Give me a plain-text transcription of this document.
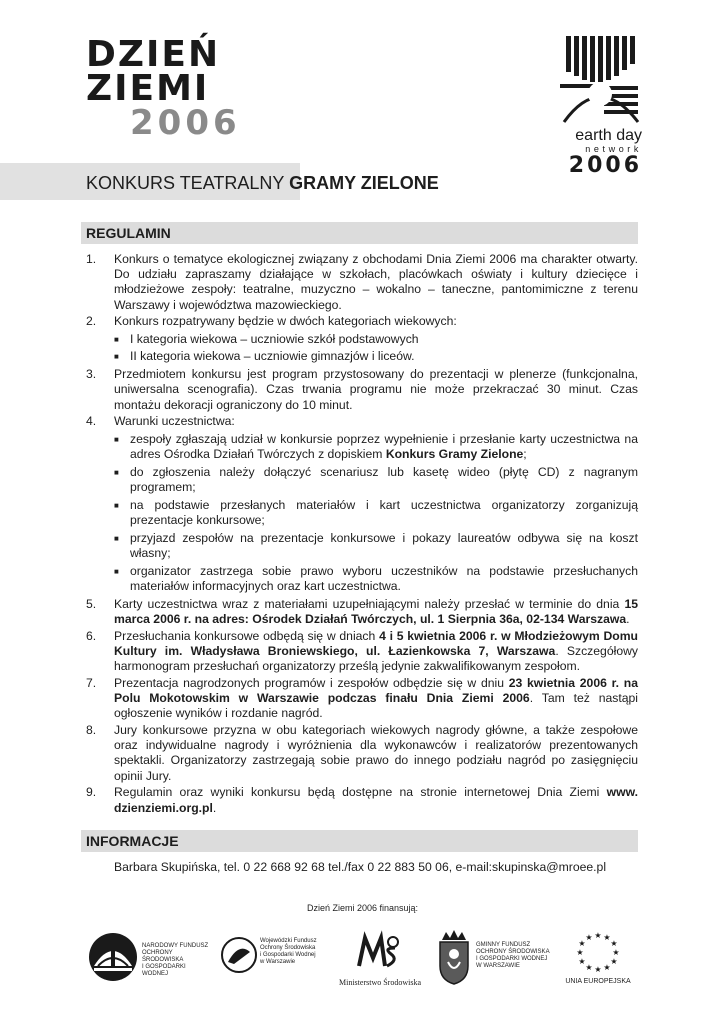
DZIEŃ
ZIEMI
2006	earth day
network
2006
KONKURS TEATRALNY GRAMY ZIELONE
REGULAMIN
1.	Konkurs o tematyce ekologicznej związany z obchodami Dnia Ziemi 2006 ma charakter otwarty. Do udziału zapraszamy działające w szkołach, placówkach oświaty i kultury dziecięce i młodzieżowe zespoły: teatralne, muzyczno – wokalno – taneczne, pantomimiczne z terenu Warszawy i województwa mazowieckiego.
2.	Konkurs rozpatrywany będzie w dwóch kategoriach wiekowych:
■ I kategoria wiekowa – uczniowie szkół podstawowych
■ II kategoria wiekowa – uczniowie gimnazjów i liceów.
3.	Przedmiotem konkursu jest program przystosowany do prezentacji w plenerze (funkcjonalna, uniwersalna scenografia). Czas trwania programu nie może przekraczać 30 minut. Czas montażu dekoracji ograniczony do 10 minut.
4.	Warunki uczestnictwa:
■ zespoły zgłaszają udział w konkursie poprzez wypełnienie i przesłanie karty uczestnictwa na adres Ośrodka Działań Twórczych z dopiskiem Konkurs Gramy Zielone;
■ do zgłoszenia należy dołączyć scenariusz lub kasetę wideo (płytę CD) z nagranym programem;
■ na podstawie przesłanych materiałów i kart uczestnictwa organizatorzy zorganizują prezentacje konkursowe;
■ przyjazd zespołów na prezentacje konkursowe i pokazy laureatów odbywa się na koszt własny;
■ organizator zastrzega sobie prawo wyboru uczestników na podstawie przesłuchanych materiałów informacyjnych oraz kart uczestnictwa.
5.	Karty uczestnictwa wraz z materiałami uzupełniającymi należy przesłać w terminie do dnia 15 marca 2006 r. na adres: Ośrodek Działań Twórczych, ul. 1 Sierpnia 36a, 02-134 Warszawa.
6.	Przesłuchania konkursowe odbędą się w dniach 4 i 5 kwietnia 2006 r. w Młodzieżowym Domu Kultury im. Władysława Broniewskiego, ul. Łazienkowska 7, Warszawa. Szczegółowy harmonogram przesłuchań organizatorzy prześlą jedynie zakwalifikowanym zespołom.
7.	Prezentacja nagrodzonych programów i zespołów odbędzie się w dniu 23 kwietnia 2006 r. na Polu Mokotowskim w Warszawie podczas finału Dnia Ziemi 2006. Tam też nastąpi ogłoszenie wyników i rozdanie nagród.
8.	Jury konkursowe przyzna w obu kategoriach wiekowych nagrody główne, a także zespołowe oraz indywidualne nagrody i wyróżnienia dla wykonawców i realizatorów prezentowanych spektakli. Organizatorzy zastrzegają sobie prawo do innego podziału nagród po zasięgnięciu opinii Jury.
9.	Regulamin oraz wyniki konkursu będą dostępne na stronie internetowej Dnia Ziemi www. dzienziemi.org.pl.
INFORMACJE
Barbara Skupińska, tel. 0 22 668 92 68 tel./fax 0 22 883 50 06, e-mail:skupinska@mroee.pl
Dzień Ziemi 2006 finansują:
NARODOWY FUNDUSZ
OCHRONY ŚRODOWISKA
I GOSPODARKI WODNEJ
Wojewódzki Fundusz
Ochrony Środowiska
i Gospodarki Wodnej
w Warszawie
Ministerstwo Środowiska
GMINNY FUNDUSZ
OCHRONY ŚRODOWISKA
I GOSPODARKI WODNEJ
W WARSZAWIE
★ ★
★
★
★
★
★
★
★
★
★
★
UNIA EUROPEJSKA
